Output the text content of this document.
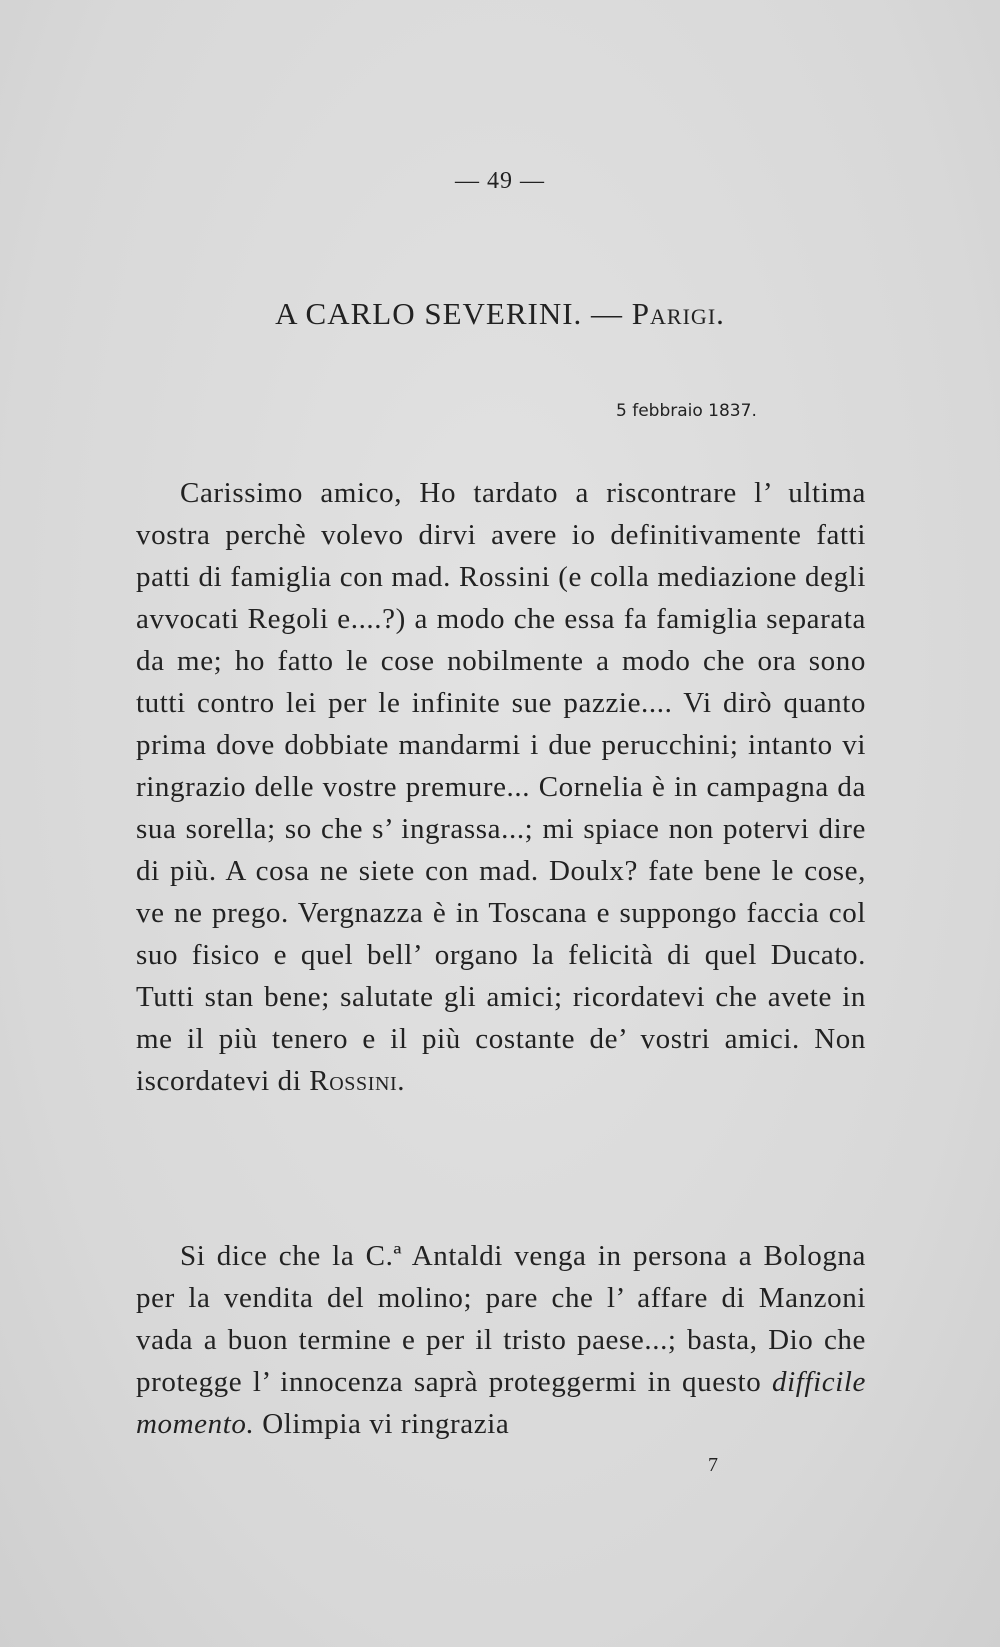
— 49 —
A CARLO SEVERINI. — Parigi.
5 febbraio 1837.
Carissimo amico, Ho tardato a riscontrare l’ ultima vostra perchè volevo dirvi avere io definitivamente fatti patti di famiglia con mad. Rossini (e colla mediazione degli avvocati Regoli e....?) a modo che essa fa famiglia separata da me; ho fatto le cose nobilmente a modo che ora sono tutti contro lei per le infinite sue pazzie.... Vi dirò quanto prima dove dobbiate mandarmi i due perucchini; intanto vi ringrazio delle vostre premure... Cornelia è in campagna da sua sorella; so che s’ ingrassa...; mi spiace non potervi dire di più. A cosa ne siete con mad. Doulx? fate bene le cose, ve ne prego. Vergnazza è in Toscana e suppongo faccia col suo fisico e quel bell’ organo la felicità di quel Ducato. Tutti stan bene; salutate gli amici; ricordatevi che avete in me il più tenero e il più costante de’ vostri amici. Non iscordatevi di Rossini.
Si dice che la C.ª Antaldi venga in persona a Bologna per la vendita del molino; pare che l’ affare di Manzoni vada a buon termine e per il tristo paese...; basta, Dio che protegge l’ innocenza saprà proteggermi in questo difficile momento. Olimpia vi ringrazia
7
